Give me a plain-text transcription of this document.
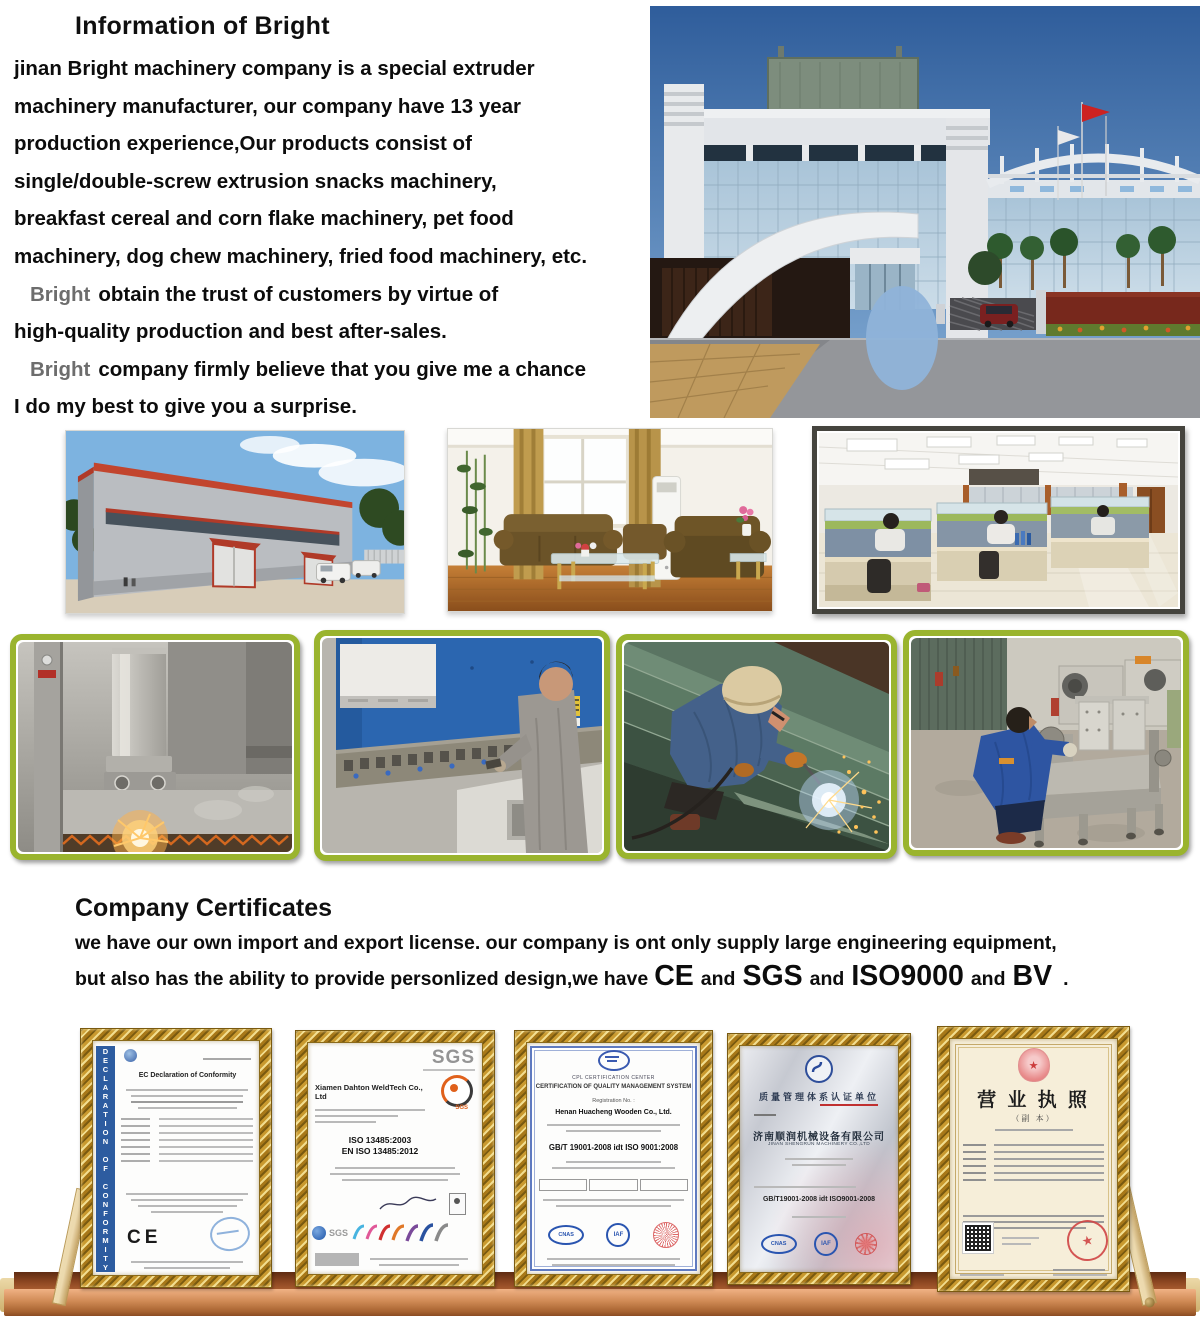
Information of Bright
jinan Bright machinery company is a special extruder
machinery manufacturer, our company have 13 year
production experience,Our products consist of
single/double-screw extrusion snacks machinery,
breakfast cereal and corn flake machinery, pet food
machinery, dog chew machinery, fried food machinery, etc.
Bright obtain the trust of customers by virtue of
high-quality production and best after-sales.
Bright company firmly believe that you give me a chance
I do my best to give you a surprise.
Company Certificates
we have our own import and export license. our company is ont only supply large engineering equipment,
but also has the ability to provide personlized design,we have CE and SGS and ISO9000 and BV .
DECLARATION OF CONFORMITY	EC Declaration of Conformity
CE
SGS
SGS
Xiamen Dahton WeldTech Co., Ltd
ISO 13485:2003
EN ISO 13485:2012
SGS
CPL CERTIFICATION CENTER
CERTIFICATION OF QUALITY MANAGEMENT SYSTEM
Registration No. :
Henan Huacheng Wooden Co., Ltd.
GB/T 19001-2008 idt ISO 9001:2008
CNAS	IAF
质量管理体系认证单位
济南顺润机械设备有限公司
JINAN SHENGRUN MACHINERY CO.,LTD
GB/T19001-2008 idt ISO9001-2008
CNAS	IAF
★
营 业 执 照
（副 本）
★
